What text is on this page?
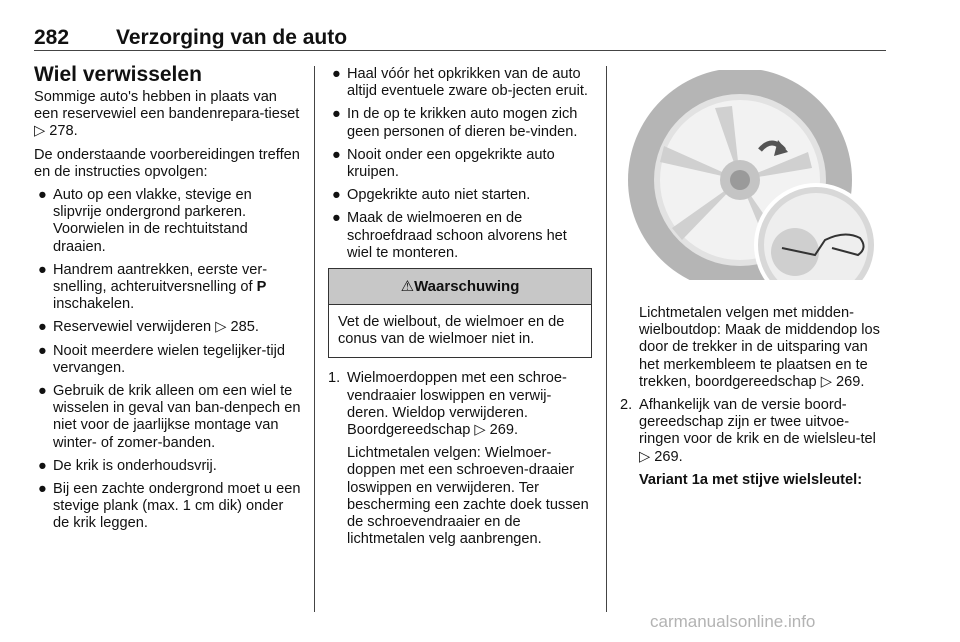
282 Verzorging van de auto
Wiel verwisselen

Sommige auto's hebben in plaats van een reservewiel een bandenrepara-tieset ▷ 278.

De onderstaande voorbereidingen treffen en de instructies opvolgen:

● Auto op een vlakke, stevige en slipvrije ondergrond parkeren. Voorwielen in de rechtuitstand draaien.
● Handrem aantrekken, eerste ver-snelling, achteruitversnelling of P inschakelen.
● Reservewiel verwijderen ▷ 285.
● Nooit meerdere wielen tegelijker-tijd vervangen.
● Gebruik de krik alleen om een wiel te wisselen in geval van ban-denpech en niet voor de jaarlijkse montage van winter- of zomer-banden.
● De krik is onderhoudsvrij.
● Bij een zachte ondergrond moet u een stevige plank (max. 1 cm dik) onder de krik leggen.
● Haal vóór het opkrikken van de auto altijd eventuele zware ob-jecten eruit.
● In de op te krikken auto mogen zich geen personen of dieren be-vinden.
● Nooit onder een opgekrikte auto kruipen.
● Opgekrikte auto niet starten.
● Maak de wielmoeren en de schroefdraad schoon alvorens het wiel te monteren.
⚠Waarschuwing
Vet de wielbout, de wielmoer en de conus van de wielmoer niet in.
1. Wielmoerdoppen met een schroe-vendraaier loswippen en verwij-deren. Wieldop verwijderen. Boordgereedschap ▷ 269.

Lichtmetalen velgen: Wielmoer-doppen met een schroeven-draaier loswippen en verwijderen. Ter bescherming een zachte doek tussen de schroevendraaier en de lichtmetalen velg aanbrengen.

Lichtmetalen velgen met midden-wielboutdop: Maak de middendop los door de trekker in de uitsparing van het merkembleem te plaatsen en te trekken, boordgereedschap ▷ 269.

2. Afhankelijk van de versie boord-gereedschap zijn er twee uitvoe-ringen voor de krik en de wielsleu-tel ▷ 269.

Variant 1a met stijve wielsleutel:

carmanualsonline.info
